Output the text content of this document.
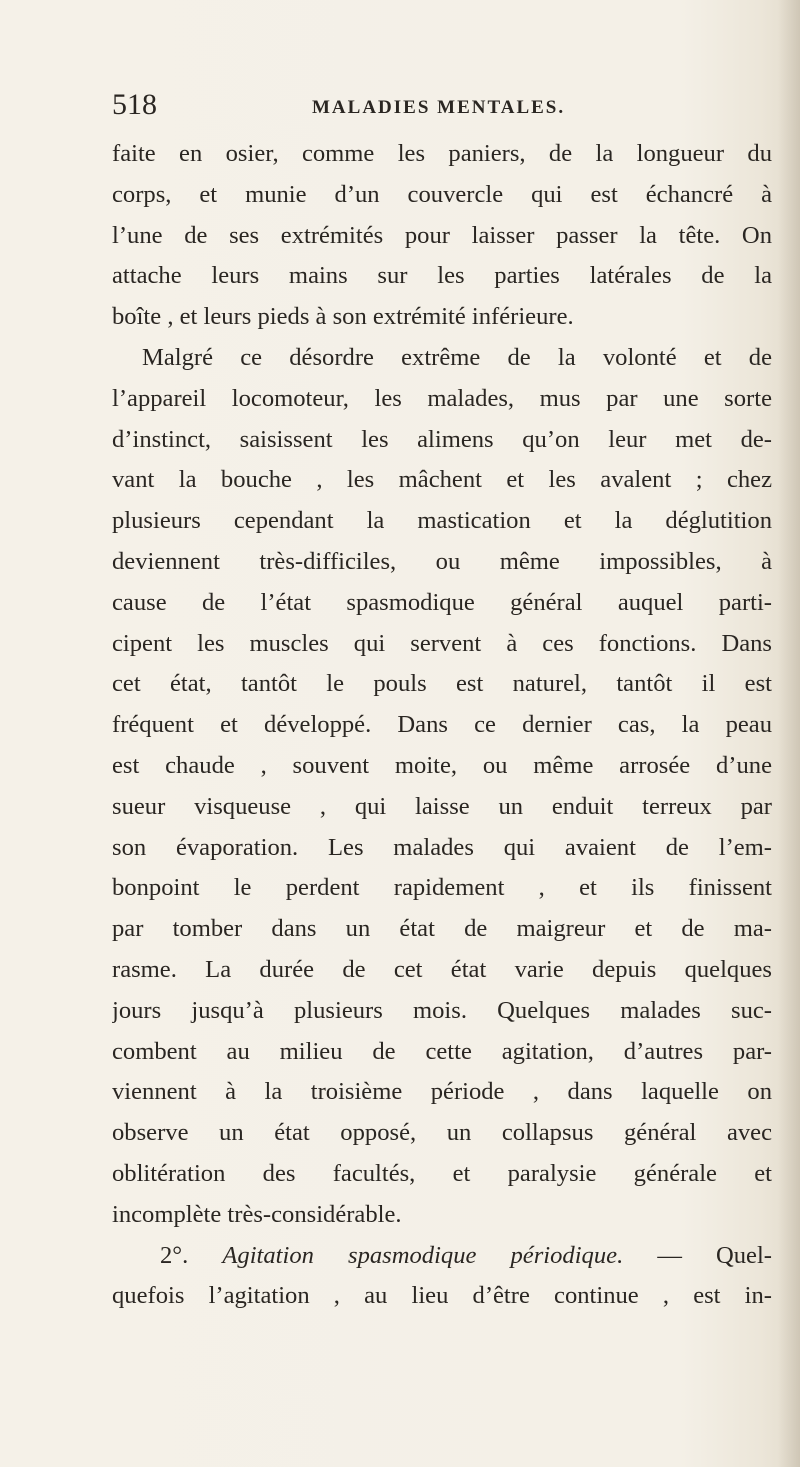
518	MALADIES MENTALES.
faite en osier, comme les paniers, de la longueur du
corps, et munie d’un couvercle qui est échancré à
l’une de ses extrémités pour laisser passer la tête. On
attache leurs mains sur les parties latérales de la
boîte , et leurs pieds à son extrémité inférieure.
Malgré ce désordre extrême de la volonté et de
l’appareil locomoteur, les malades, mus par une sorte
d’instinct, saisissent les alimens qu’on leur met de-
vant la bouche , les mâchent et les avalent ; chez
plusieurs cependant la mastication et la déglutition
deviennent très-difficiles, ou même impossibles, à
cause de l’état spasmodique général auquel parti-
cipent les muscles qui servent à ces fonctions. Dans
cet état, tantôt le pouls est naturel, tantôt il est
fréquent et développé. Dans ce dernier cas, la peau
est chaude , souvent moite, ou même arrosée d’une
sueur visqueuse , qui laisse un enduit terreux par
son évaporation. Les malades qui avaient de l’em-
bonpoint le perdent rapidement , et ils finissent
par tomber dans un état de maigreur et de ma-
rasme. La durée de cet état varie depuis quelques
jours jusqu’à plusieurs mois. Quelques malades suc-
combent au milieu de cette agitation, d’autres par-
viennent à la troisième période , dans laquelle on
observe un état opposé, un collapsus général avec
oblitération des facultés, et paralysie générale et
incomplète très-considérable.
2°. Agitation spasmodique périodique. — Quel-
quefois l’agitation , au lieu d’être continue , est in-
